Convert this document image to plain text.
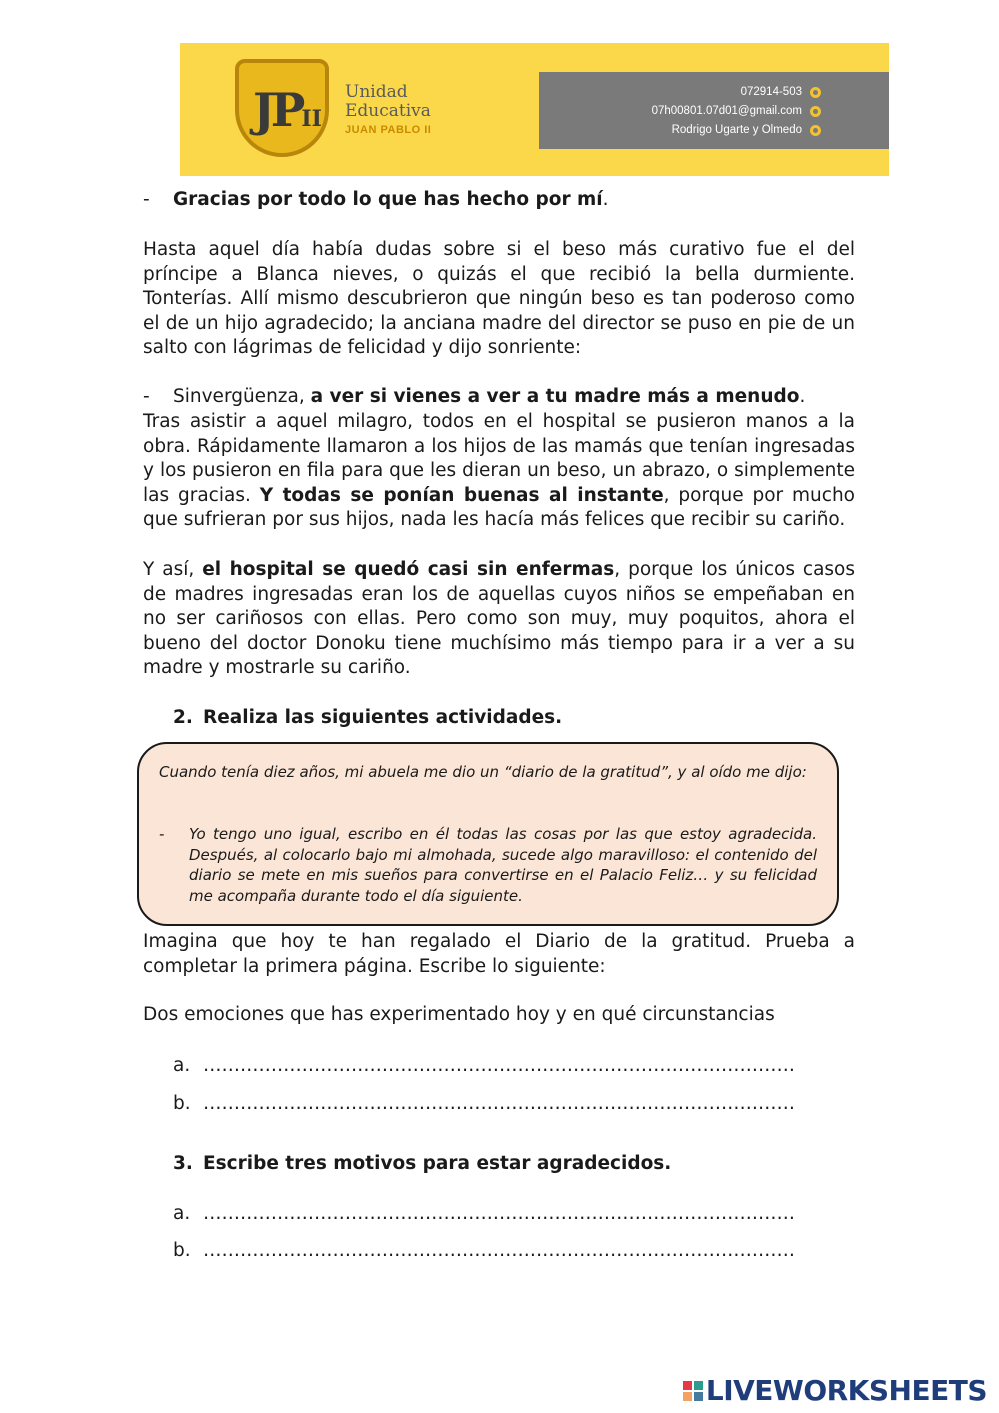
JPII
Unidad
Educativa
JUAN PABLO II
072914-503
07h00801.07d01@gmail.com
Rodrigo Ugarte y Olmedo
- Gracias por todo lo que has hecho por mí.
Hasta aquel día había dudas sobre si el beso más curativo fue el del príncipe a Blanca nieves, o quizás el que recibió la bella durmiente. Tonterías. Allí mismo descubrieron que ningún beso es tan poderoso como el de un hijo agradecido; la anciana madre del director se puso en pie de un salto con lágrimas de felicidad y dijo sonriente:
- Sinvergüenza, a ver si vienes a ver a tu madre más a menudo.
Tras asistir a aquel milagro, todos en el hospital se pusieron manos a la obra. Rápidamente llamaron a los hijos de las mamás que tenían ingresadas y los pusieron en fila para que les dieran un beso, un abrazo, o simplemente las gracias. Y todas se ponían buenas al instante, porque por mucho que sufrieran por sus hijos, nada les hacía más felices que recibir su cariño.
Y así, el hospital se quedó casi sin enfermas, porque los únicos casos de madres ingresadas eran los de aquellas cuyos niños se empeñaban en no ser cariñosos con ellas. Pero como son muy, muy poquitos, ahora el bueno del doctor Donoku tiene muchísimo más tiempo para ir a ver a su madre y mostrarle su cariño.
2. Realiza las siguientes actividades.
Cuando tenía diez años, mi abuela me dio un “diario de la gratitud”, y al oído me dijo:
- Yo tengo uno igual, escribo en él todas las cosas por las que estoy agradecida. Después, al colocarlo bajo mi almohada, sucede algo maravilloso: el contenido del diario se mete en mis sueños para convertirse en el Palacio Feliz… y su felicidad me acompaña durante todo el día siguiente.
Imagina que hoy te han regalado el Diario de la gratitud. Prueba a completar la primera página. Escribe lo siguiente:
Dos emociones que has experimentado hoy y en qué circunstancias
a. ……………………………………………………………………………………
b. ……………………………………………………………………………………
3. Escribe tres motivos para estar agradecidos.
a. ……………………………………………………………………………………
b. ……………………………………………………………………………………
LIVEWORKSHEETS
